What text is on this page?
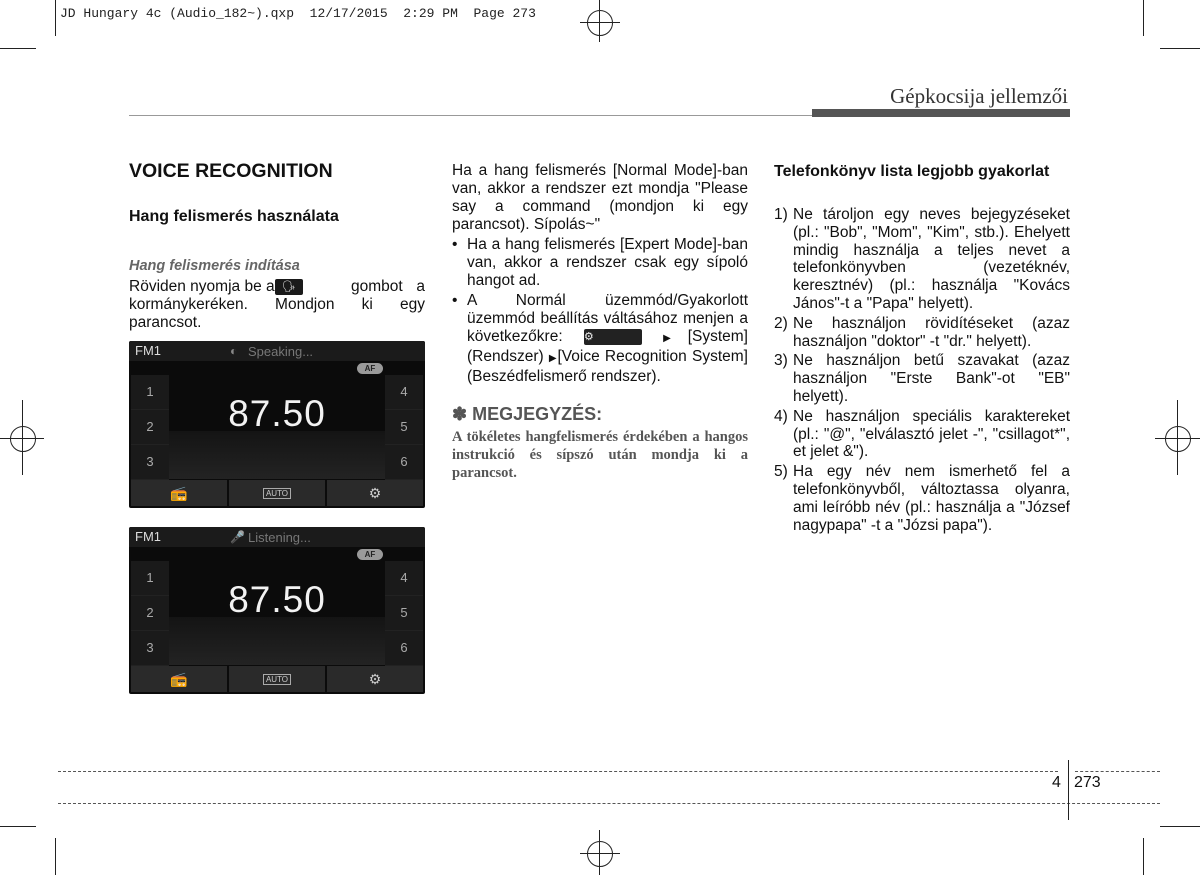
JD Hungary 4c (Audio_182~).qxp  12/17/2015  2:29 PM  Page 273
Gépkocsija jellemzői
VOICE RECOGNITION
Hang felismerés használata
Hang felismerés indítása
Röviden nyomja be a 🗣	gombot a kormánykeréken. Mondjon ki egy parancsot.
FM1	◐ Speaking...
AF
1
2
3
4
5
6
87.50
📻	AUTO	⚙
FM1	🎤 Listening...
AF
1
2
3
4
5
6
87.50
📻	AUTO	⚙
Ha a hang felismerés [Normal Mode]-ban van, akkor a rendszer ezt mondja "Please say a command (mondjon ki egy parancsot). Sípolás~"
• Ha a hang felismerés [Expert Mode]-ban van, akkor a rendszer csak egy sípoló hangot ad.
• A Normál üzemmód/Gyakorlott üzemmód beállítás váltásához menjen a következőkre: ⚙	▶[System] (Rendszer) ▶[Voice Recognition System] (Beszédfelismerő rendszer).
✽ MEGJEGYZÉS:
A tökéletes hangfelismerés érdekében a hangos instrukció és sípszó után mondja ki a parancsot.
Telefonkönyv lista legjobb gyakorlat
1) Ne tároljon egy neves bejegyzéseket (pl.: "Bob", "Mom", "Kim", stb.). Ehelyett mindig használja a teljes nevet a telefonkönyvben (vezetéknév, keresztnév) (pl.: használja "Kovács János"-t a "Papa" helyett).
2) Ne használjon rövidítéseket (azaz használjon "doktor" -t "dr." helyett).
3) Ne használjon betű szavakat (azaz használjon "Erste Bank"-ot "EB" helyett).
4) Ne használjon speciális karaktereket (pl.: "@", "elválasztó jelet -", "csillagot*", et jelet &").
5) Ha egy név nem ismerhető fel a telefonkönyvből, változtassa olyanra, ami leíróbb név (pl.: használja a "József nagypapa" -t a "Józsi papa").
4 273
